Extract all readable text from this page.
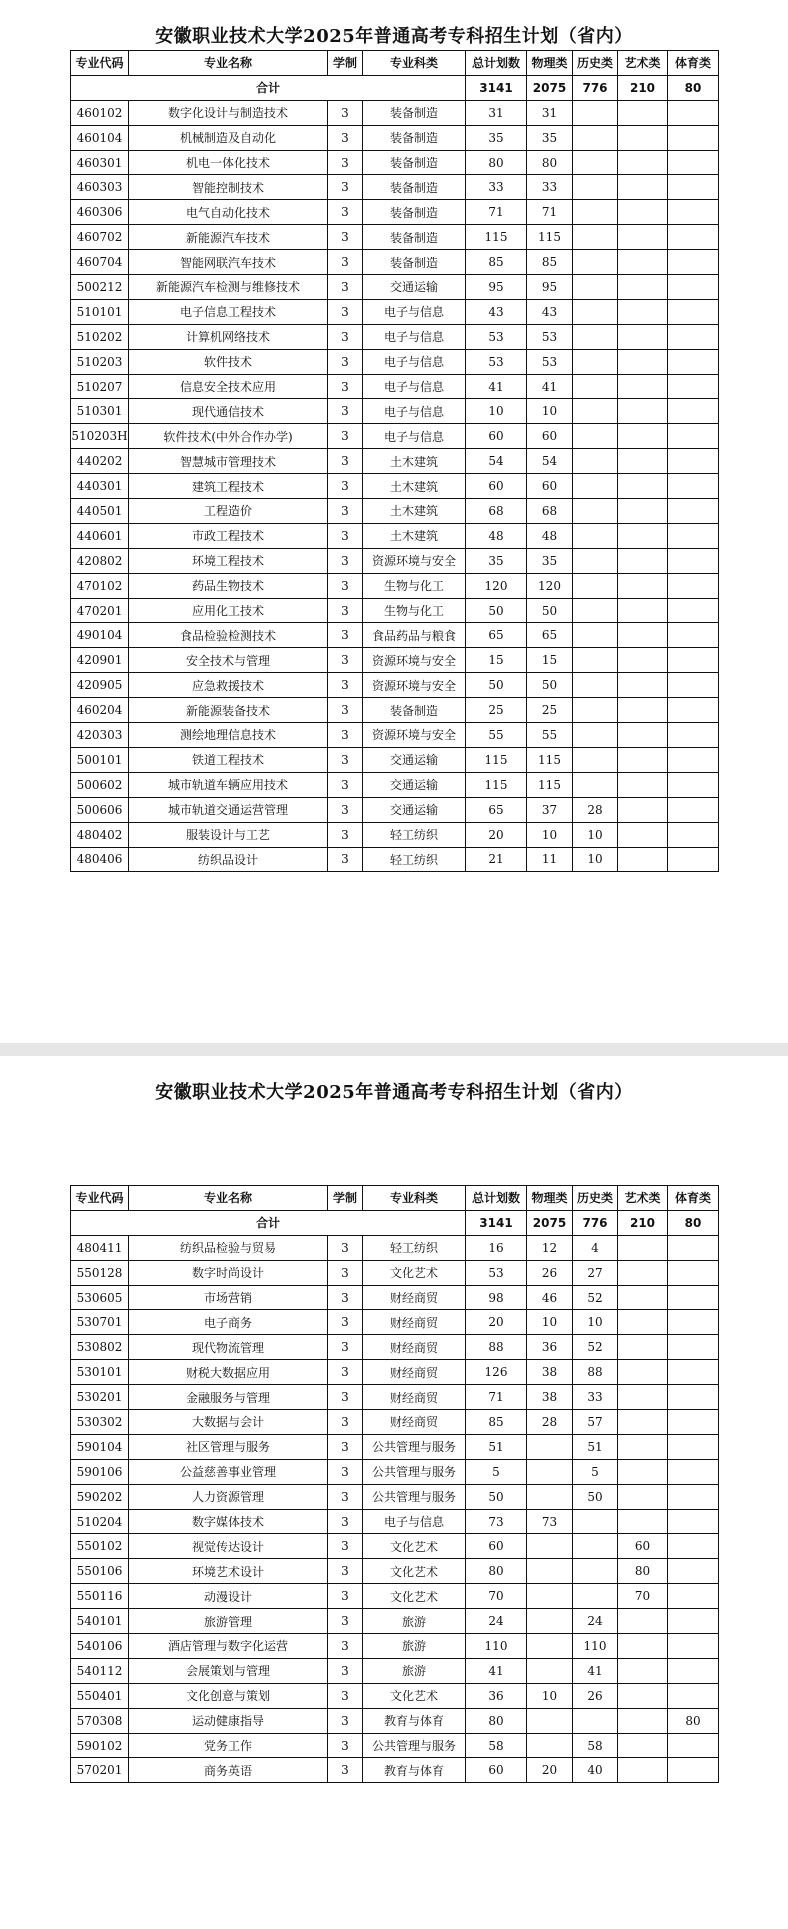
安徽职业技术大学2025年普通高考专科招生计划（省内）
专业代码	专业名称	学制	专业科类	总计划数	物理类	历史类	艺术类	体育类
合计				3141	2075	776	210	80
460102	数字化设计与制造技术	3	装备制造	31	31			
460104	机械制造及自动化	3	装备制造	35	35			
460301	机电一体化技术	3	装备制造	80	80			
460303	智能控制技术	3	装备制造	33	33			
460306	电气自动化技术	3	装备制造	71	71			
460702	新能源汽车技术	3	装备制造	115	115			
460704	智能网联汽车技术	3	装备制造	85	85			
500212	新能源汽车检测与维修技术	3	交通运输	95	95			
510101	电子信息工程技术	3	电子与信息	43	43			
510202	计算机网络技术	3	电子与信息	53	53			
510203	软件技术	3	电子与信息	53	53			
510207	信息安全技术应用	3	电子与信息	41	41			
510301	现代通信技术	3	电子与信息	10	10			
510203H	软件技术(中外合作办学)	3	电子与信息	60	60			
440202	智慧城市管理技术	3	土木建筑	54	54			
440301	建筑工程技术	3	土木建筑	60	60			
440501	工程造价	3	土木建筑	68	68			
440601	市政工程技术	3	土木建筑	48	48			
420802	环境工程技术	3	资源环境与安全	35	35			
470102	药品生物技术	3	生物与化工	120	120			
470201	应用化工技术	3	生物与化工	50	50			
490104	食品检验检测技术	3	食品药品与粮食	65	65			
420901	安全技术与管理	3	资源环境与安全	15	15			
420905	应急救援技术	3	资源环境与安全	50	50			
460204	新能源装备技术	3	装备制造	25	25			
420303	测绘地理信息技术	3	资源环境与安全	55	55			
500101	铁道工程技术	3	交通运输	115	115			
500602	城市轨道车辆应用技术	3	交通运输	115	115			
500606	城市轨道交通运营管理	3	交通运输	65	37	28		
480402	服装设计与工艺	3	轻工纺织	20	10	10		
480406	纺织品设计	3	轻工纺织	21	11	10		
安徽职业技术大学2025年普通高考专科招生计划（省内）
专业代码	专业名称	学制	专业科类	总计划数	物理类	历史类	艺术类	体育类
合计				3141	2075	776	210	80
480411	纺织品检验与贸易	3	轻工纺织	16	12	4		
550128	数字时尚设计	3	文化艺术	53	26	27		
530605	市场营销	3	财经商贸	98	46	52		
530701	电子商务	3	财经商贸	20	10	10		
530802	现代物流管理	3	财经商贸	88	36	52		
530101	财税大数据应用	3	财经商贸	126	38	88		
530201	金融服务与管理	3	财经商贸	71	38	33		
530302	大数据与会计	3	财经商贸	85	28	57		
590104	社区管理与服务	3	公共管理与服务	51		51		
590106	公益慈善事业管理	3	公共管理与服务	5		5		
590202	人力资源管理	3	公共管理与服务	50		50		
510204	数字媒体技术	3	电子与信息	73	73			
550102	视觉传达设计	3	文化艺术	60			60	
550106	环境艺术设计	3	文化艺术	80			80	
550116	动漫设计	3	文化艺术	70			70	
540101	旅游管理	3	旅游	24		24		
540106	酒店管理与数字化运营	3	旅游	110		110		
540112	会展策划与管理	3	旅游	41		41		
550401	文化创意与策划	3	文化艺术	36	10	26		
570308	运动健康指导	3	教育与体育	80				80
590102	党务工作	3	公共管理与服务	58		58		
570201	商务英语	3	教育与体育	60	20	40		
